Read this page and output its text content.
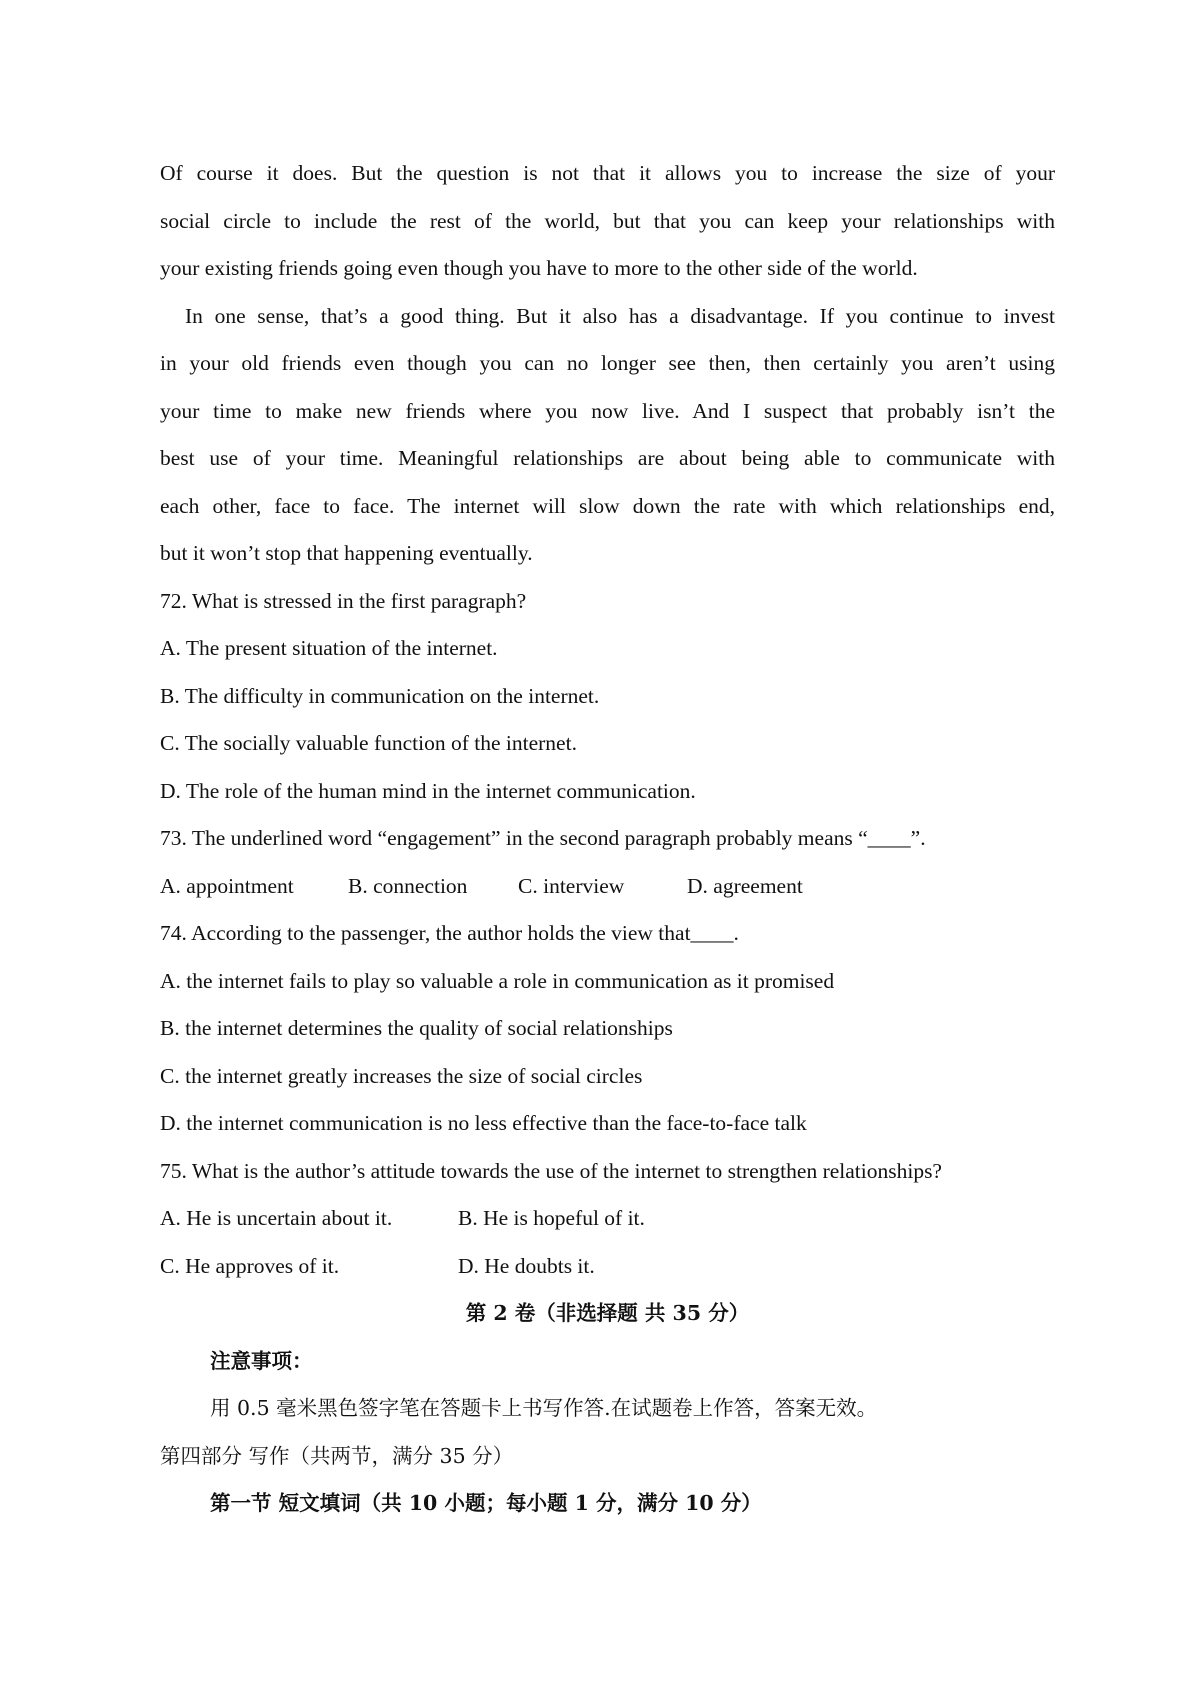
Of course it does. But the question is not that it allows you to increase the size of your
social circle to include the rest of the world, but that you can keep your relationships with
your existing friends going even though you have to more to the other side of the world.
In one sense, that’s a good thing. But it also has a disadvantage. If you continue to invest
in your old friends even though you can no longer see then, then certainly you aren’t using
your time to make new friends where you now live. And I suspect that probably isn’t the
best use of your time. Meaningful relationships are about being able to communicate with
each other, face to face. The internet will slow down the rate with which relationships end,
but it won’t stop that happening eventually.
72. What is stressed in the first paragraph?
A. The present situation of the internet.
B. The difficulty in communication on the internet.
C. The socially valuable function of the internet.
D. The role of the human mind in the internet communication.
73. The underlined word “engagement” in the second paragraph probably means “____”.
A. appointment	B. connection	C. interview	D. agreement
74. According to the passenger, the author holds the view that____.
A. the internet fails to play so valuable a role in communication as it promised
B. the internet determines the quality of social relationships
C. the internet greatly increases the size of social circles
D. the internet communication is no less effective than the face-to-face talk
75. What is the author’s attitude towards the use of the internet to strengthen relationships?
A. He is uncertain about it.	B. He is hopeful of it.
C. He approves of it.	D. He doubts it.
第 2 卷（非选择题 共 35 分）
注意事项：
用 0.5 毫米黑色签字笔在答题卡上书写作答.在试题卷上作答，答案无效。
第四部分 写作（共两节，满分 35 分）
第一节 短文填词（共 10 小题；每小题 1 分，满分 10 分）
